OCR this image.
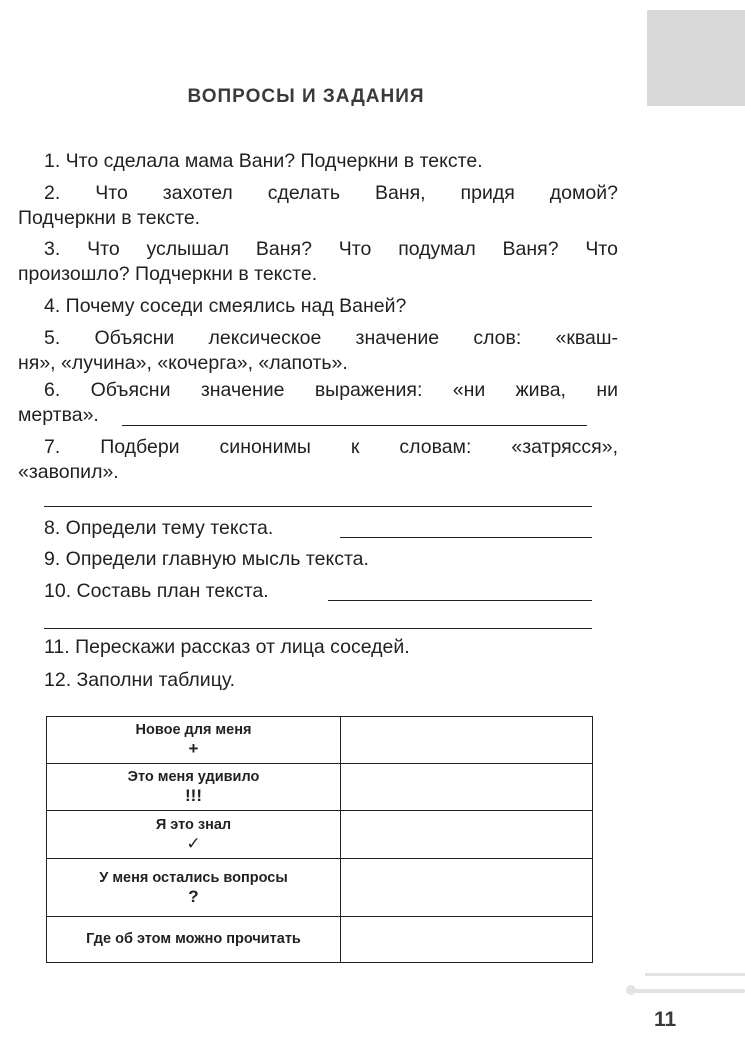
ВОПРОСЫ И ЗАДАНИЯ
1. Что сделала мама Вани? Подчеркни в тексте.
2. Что захотел сделать Ваня, придя домой?
Подчеркни в тексте.
3. Что услышал Ваня? Что подумал Ваня? Что
произошло? Подчеркни в тексте.
4. Почему соседи смеялись над Ваней?
5. Объясни лексическое значение слов: «кваш-
ня», «лучина», «кочерга», «лапоть».
6. Объясни значение выражения: «ни жива, ни
мертва».
7. Подбери синонимы к словам: «затрясся»,
«завопил».
8. Определи тему текста.
9. Определи главную мысль текста.
10. Составь план текста.
11. Перескажи рассказ от лица соседей.
12. Заполни таблицу.
Новое для меня
+	

Это меня удивило
!!!	

Я это знал
✓	

У меня остались вопросы
?	

Где об этом можно прочитать	
11
